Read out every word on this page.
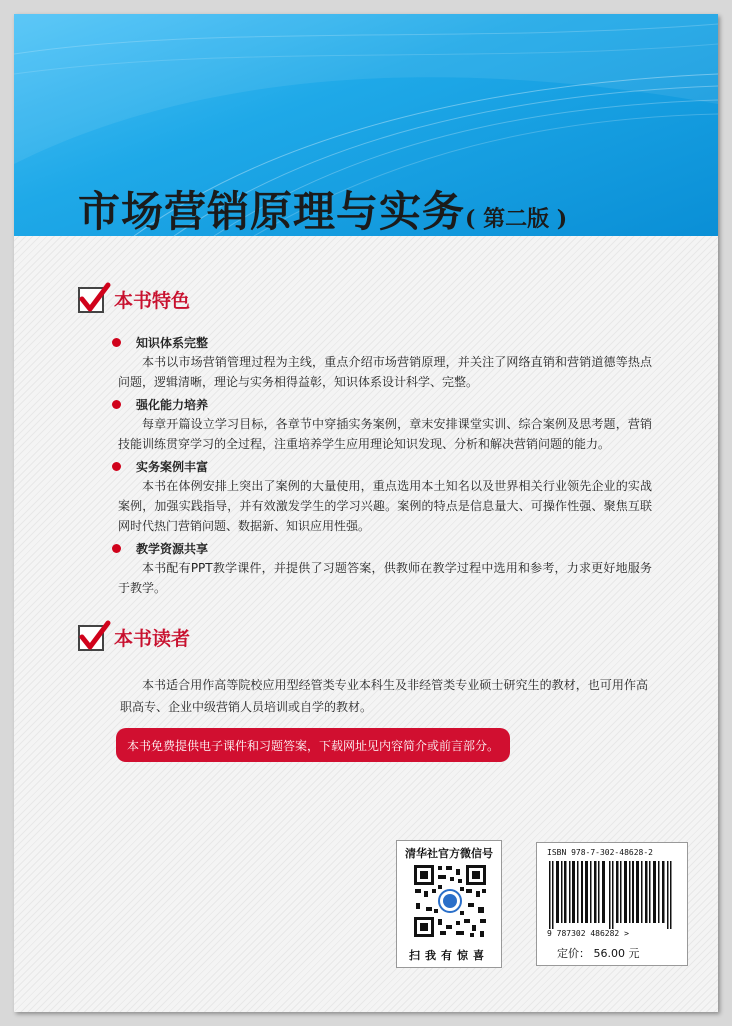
市场营销原理与实务( 第二版 )
本书特色
知识体系完整
本书以市场营销管理过程为主线，重点介绍市场营销原理，并关注了网络直销和营销道德等热点问题，逻辑清晰，理论与实务相得益彰，知识体系设计科学、完整。
强化能力培养
每章开篇设立学习目标，各章节中穿插实务案例，章末安排课堂实训、综合案例及思考题，营销技能训练贯穿学习的全过程，注重培养学生应用理论知识发现、分析和解决营销问题的能力。
实务案例丰富
本书在体例安排上突出了案例的大量使用，重点选用本土知名以及世界相关行业领先企业的实战案例，加强实践指导，并有效激发学生的学习兴趣。案例的特点是信息量大、可操作性强、聚焦互联网时代热门营销问题、数据新、知识应用性强。
教学资源共享
本书配有PPT教学课件，并提供了习题答案，供教师在教学过程中选用和参考，力求更好地服务于教学。
本书读者
本书适合用作高等院校应用型经管类专业本科生及非经管类专业硕士研究生的教材，也可用作高职高专、企业中级营销人员培训或自学的教材。
本书免费提供电子课件和习题答案，下载网址见内容简介或前言部分。
清华社官方微信号
扫我有惊喜
ISBN 978-7-302-48628-2
9 787302 486282 >
定价： 56.00 元
